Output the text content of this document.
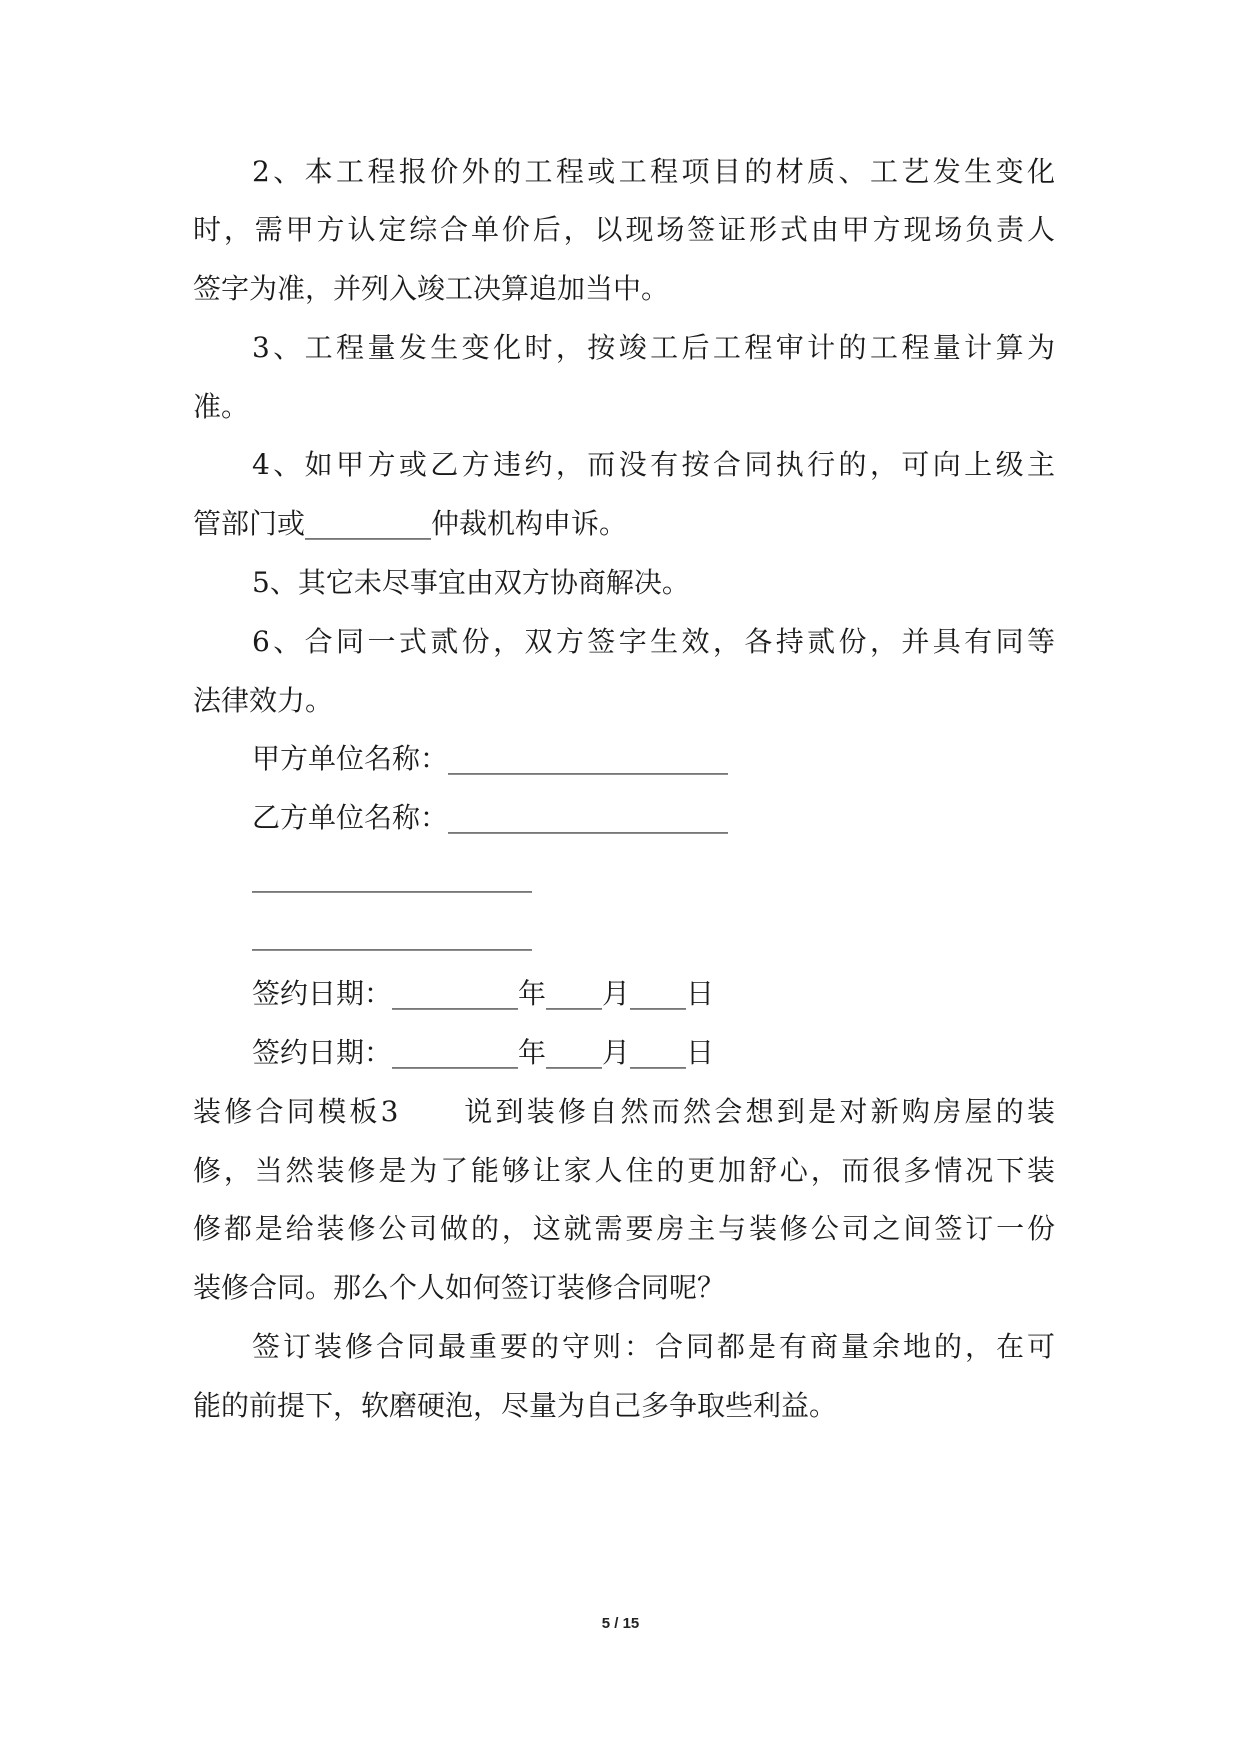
2、本工程报价外的工程或工程项目的材质、工艺发生变化
时，需甲方认定综合单价后，以现场签证形式由甲方现场负责人
签字为准，并列入竣工决算追加当中。
3、工程量发生变化时，按竣工后工程审计的工程量计算为
准。
4、如甲方或乙方违约，而没有按合同执行的，可向上级主
管部门或_________仲裁机构申诉。
5、其它未尽事宜由双方协商解决。
6、合同一式贰份，双方签字生效，各持贰份，并具有同等
法律效力。
甲方单位名称：____________________
乙方单位名称：____________________
____________________
____________________
签约日期：_________年____月____日
签约日期：_________年____月____日
装修合同模板3　　说到装修自然而然会想到是对新购房屋的装
修，当然装修是为了能够让家人住的更加舒心，而很多情况下装
修都是给装修公司做的，这就需要房主与装修公司之间签订一份
装修合同。那么个人如何签订装修合同呢？
签订装修合同最重要的守则：合同都是有商量余地的，在可
能的前提下，软磨硬泡，尽量为自己多争取些利益。
5 / 15
